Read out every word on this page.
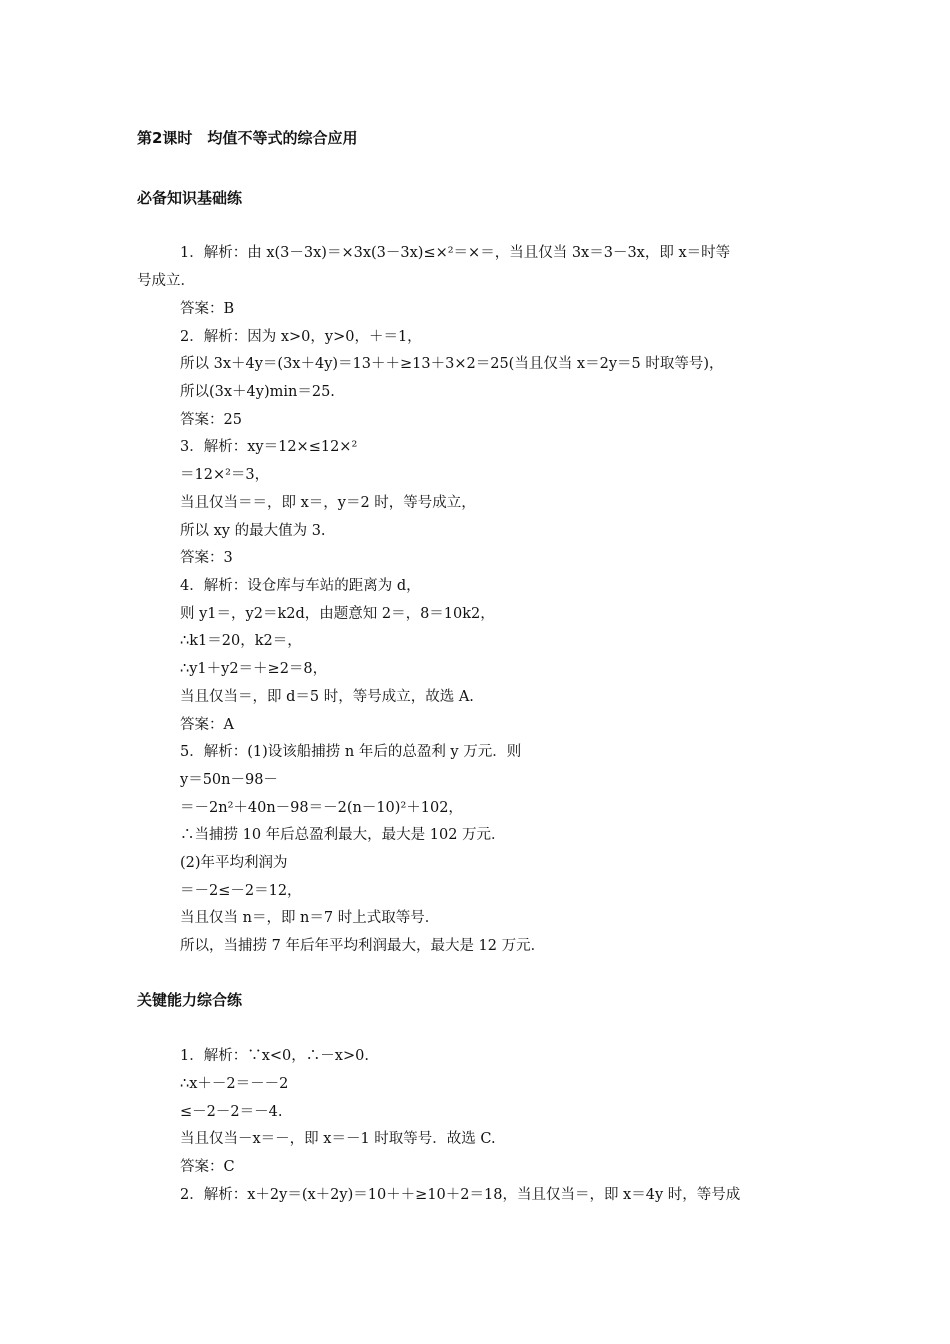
第2课时　均值不等式的综合应用
必备知识基础练
1．解析：由 x(3－3x)＝×3x(3－3x)≤×²＝×＝，当且仅当 3x＝3－3x，即 x＝时等
号成立．
答案：B
2．解析：因为 x>0，y>0，＋＝1，
所以 3x＋4y＝(3x＋4y)＝13＋＋≥13＋3×2＝25(当且仅当 x＝2y＝5 时取等号)，
所以(3x＋4y)min＝25.
答案：25
3．解析：xy＝12×≤12×²
＝12×²＝3，
当且仅当＝＝，即 x＝，y＝2 时，等号成立，
所以 xy 的最大值为 3.
答案：3
4．解析：设仓库与车站的距离为 d，
则 y1＝，y2＝k2d，由题意知 2＝，8＝10k2，
∴k1＝20，k2＝，
∴y1＋y2＝＋≥2＝8，
当且仅当＝，即 d＝5 时，等号成立，故选 A.
答案：A
5．解析：(1)设该船捕捞 n 年后的总盈利 y 万元．则
y＝50n－98－
＝－2n²＋40n－98＝－2(n－10)²＋102，
∴当捕捞 10 年后总盈利最大，最大是 102 万元．
(2)年平均利润为
＝－2≤－2＝12，
当且仅当 n＝，即 n＝7 时上式取等号．
所以，当捕捞 7 年后年平均利润最大，最大是 12 万元．
关键能力综合练
1．解析：∵x<0，∴－x>0.
∴x＋－2＝－－2
≤－2－2＝－4.
当且仅当－x＝－，即 x＝－1 时取等号．故选 C.
答案：C
2．解析：x＋2y＝(x＋2y)＝10＋＋≥10＋2＝18，当且仅当＝，即 x＝4y 时，等号成
